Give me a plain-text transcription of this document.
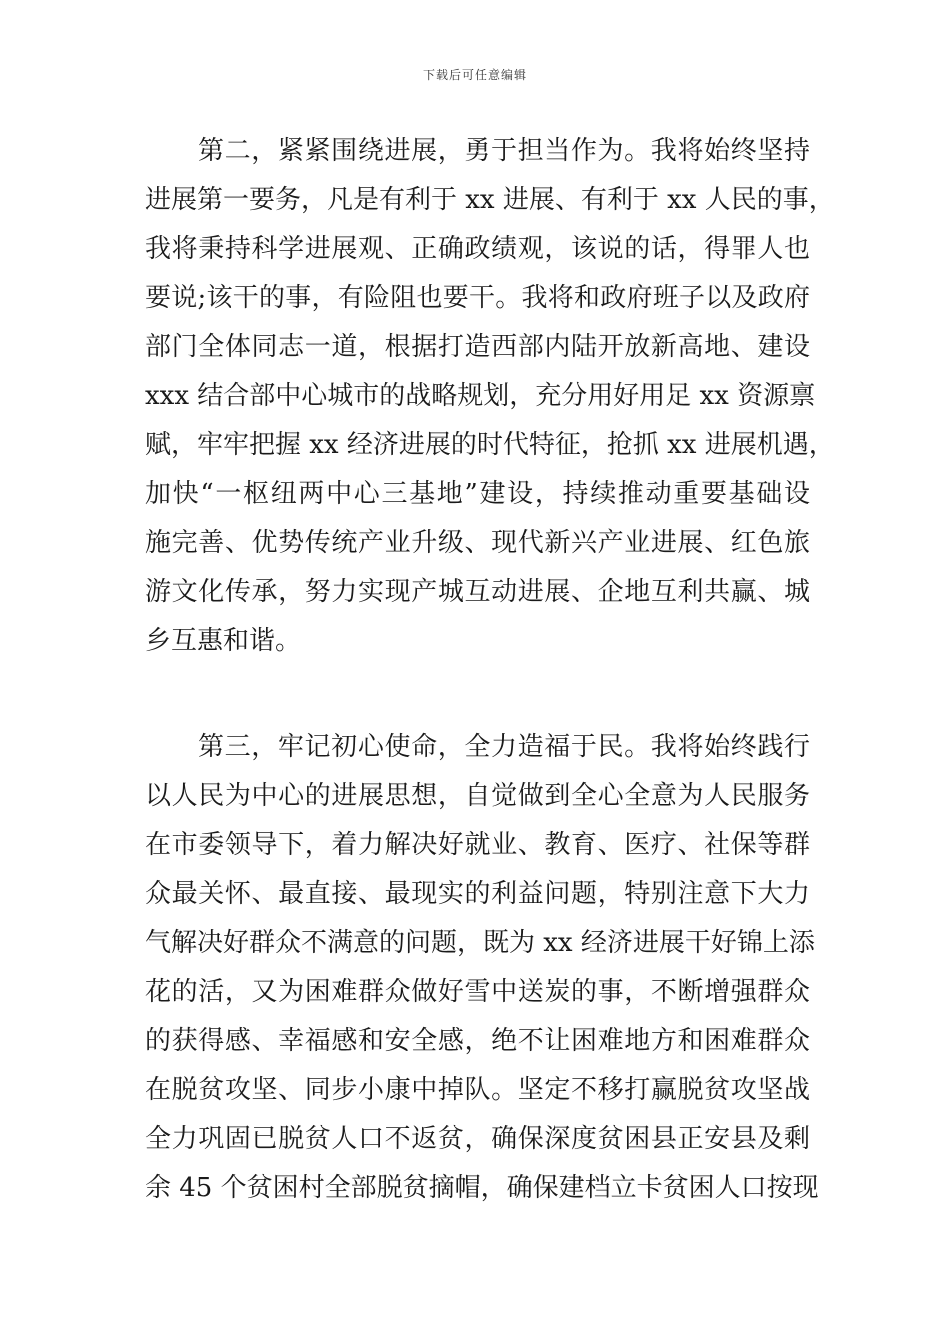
下载后可任意编辑
第二，紧紧围绕进展，勇于担当作为。我将始终坚持
进展第一要务，凡是有利于 xx 进展、有利于 xx 人民的事，
我将秉持科学进展观、正确政绩观，该说的话，得罪人也
要说;该干的事，有险阻也要干。我将和政府班子以及政府
部门全体同志一道，根据打造西部内陆开放新高地、建设
xxx 结合部中心城市的战略规划，充分用好用足 xx 资源禀
赋，牢牢把握 xx 经济进展的时代特征，抢抓 xx 进展机遇，
加快“一枢纽两中心三基地”建设，持续推动重要基础设
施完善、优势传统产业升级、现代新兴产业进展、红色旅
游文化传承，努力实现产城互动进展、企地互利共赢、城
乡互惠和谐。
第三，牢记初心使命，全力造福于民。我将始终践行
以人民为中心的进展思想，自觉做到全心全意为人民服务
在市委领导下，着力解决好就业、教育、医疗、社保等群
众最关怀、最直接、最现实的利益问题，特别注意下大力
气解决好群众不满意的问题，既为 xx 经济进展干好锦上添
花的活，又为困难群众做好雪中送炭的事，不断增强群众
的获得感、幸福感和安全感，绝不让困难地方和困难群众
在脱贫攻坚、同步小康中掉队。坚定不移打赢脱贫攻坚战
全力巩固已脱贫人口不返贫，确保深度贫困县正安县及剩
余 45 个贫困村全部脱贫摘帽，确保建档立卡贫困人口按现
